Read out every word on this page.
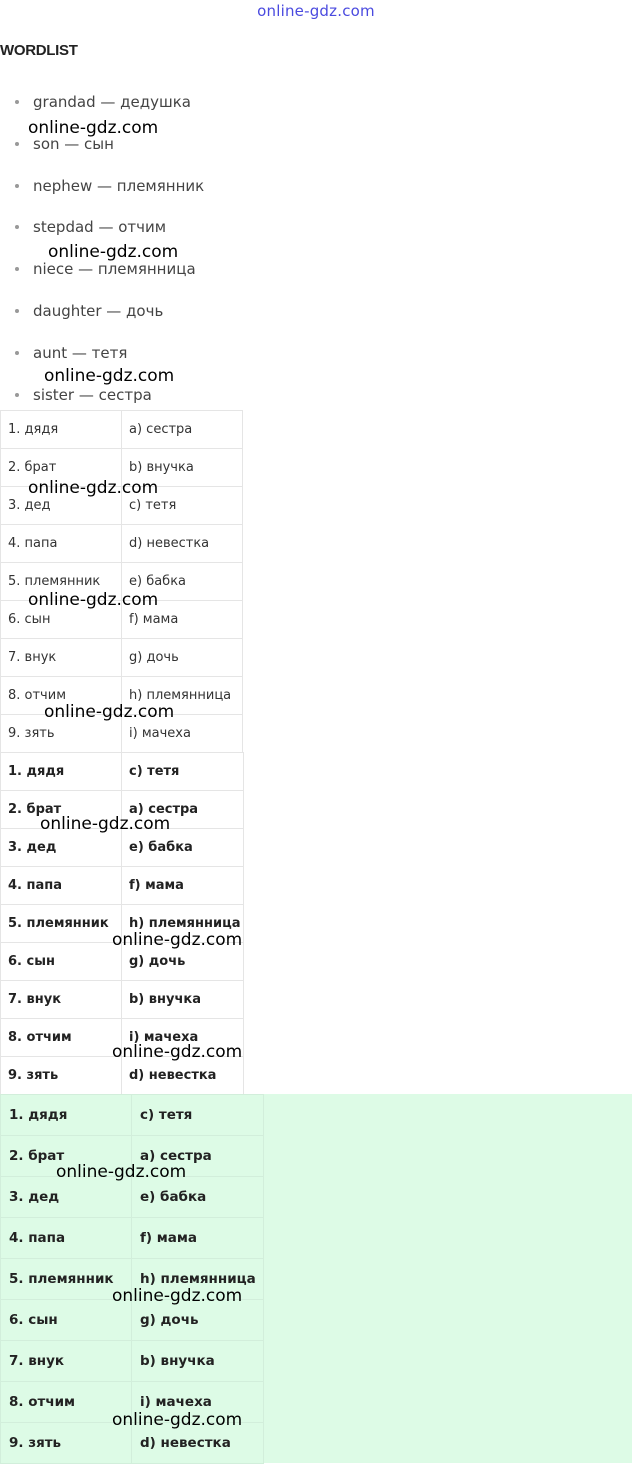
online-gdz.com
WORDLIST
grandad — дедушка
son — сын
nephew — племянник
stepdad — отчим
niece — племянница
daughter — дочь
aunt — тетя
sister — сестра
1. дядя	a) сестра
2. брат	b) внучка
3. дед	c) тетя
4. папа	d) невестка
5. племянник	e) бабка
6. сын	f) мама
7. внук	g) дочь
8. отчим	h) племянница
9. зять	i) мачеха
1. дядя	c) тетя
2. брат	a) сестра
3. дед	e) бабка
4. папа	f) мама
5. племянник	h) племянница
6. сын	g) дочь
7. внук	b) внучка
8. отчим	i) мачеха
9. зять	d) невестка
1. дядя	c) тетя
2. брат	a) сестра
3. дед	e) бабка
4. папа	f) мама
5. племянник	h) племянница
6. сын	g) дочь
7. внук	b) внучка
8. отчим	i) мачеха
9. зять	d) невестка
online-gdz.com
online-gdz.com
online-gdz.com
online-gdz.com
online-gdz.com
online-gdz.com
online-gdz.com
online-gdz.com
online-gdz.com
online-gdz.com
online-gdz.com
online-gdz.com
